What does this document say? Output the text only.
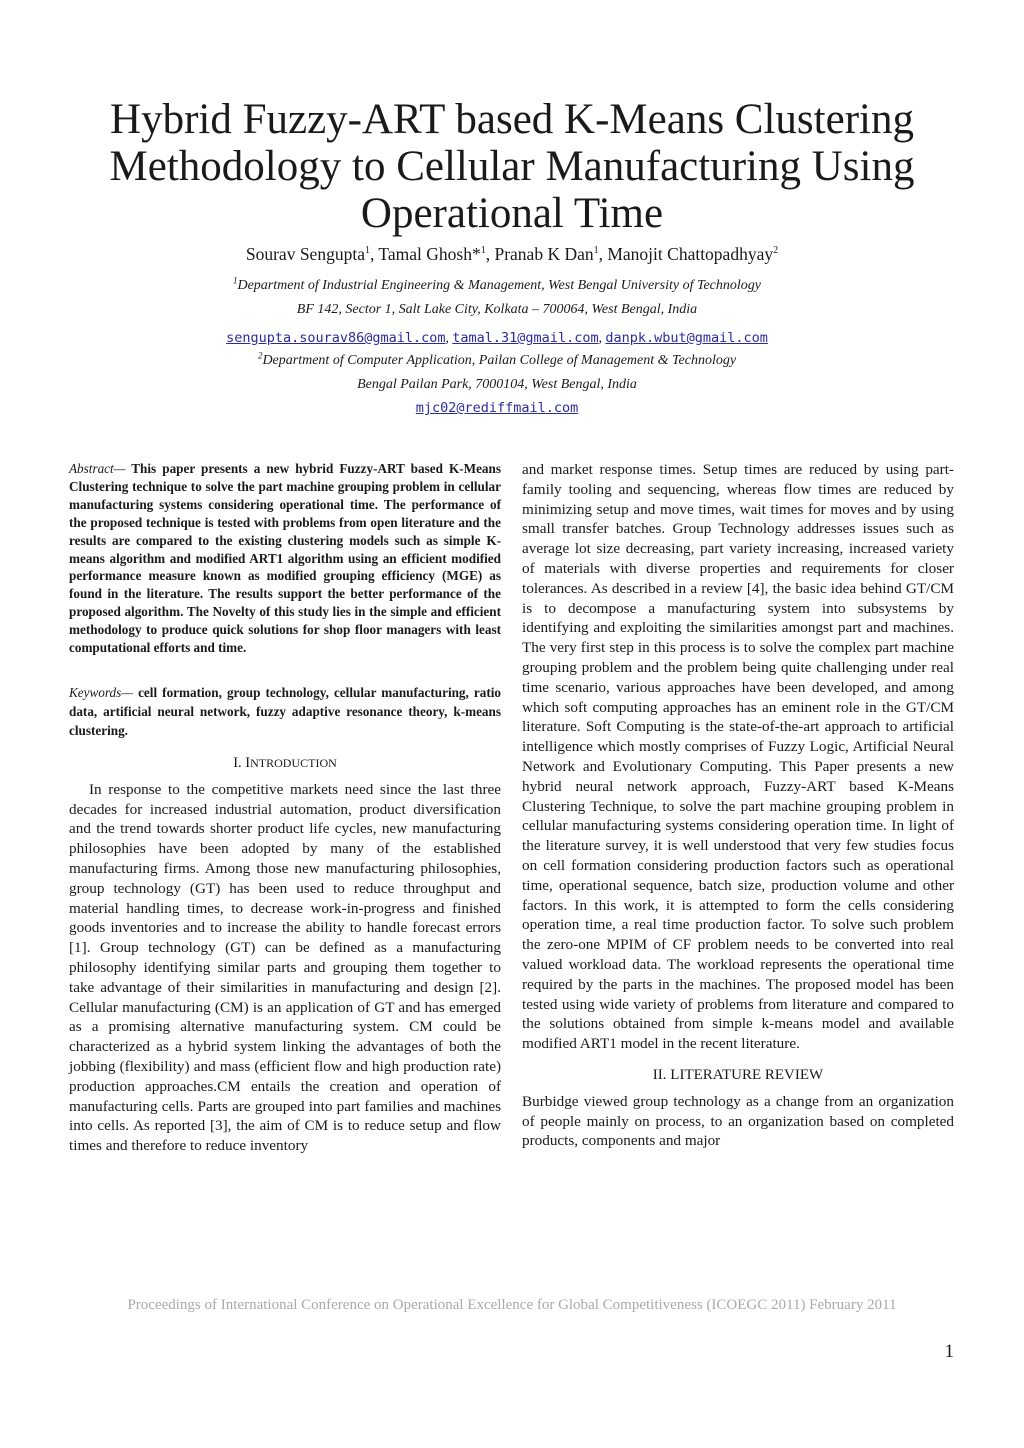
Hybrid Fuzzy-ART based K-Means Clustering Methodology to Cellular Manufacturing Using Operational Time
Sourav Sengupta$^1$, Tamal Ghosh*$^1$, Pranab K Dan$^1$, Manojit Chattopadhyay$^2$
$^1$Department of Industrial Engineering & Management, West Bengal University of Technology
BF 142, Sector 1, Salt Lake City, Kolkata – 700064, West Bengal, India
sengupta.sourav86@gmail.com, tamal.31@gmail.com, danpk.wbut@gmail.com
$^2$Department of Computer Application, Pailan College of Management & Technology
Bengal Pailan Park, 7000104, West Bengal, India
mjc02@rediffmail.com

Abstract— This paper presents a new hybrid Fuzzy-ART based K-Means Clustering technique to solve the part machine grouping problem in cellular manufacturing systems considering operational time. The performance of the proposed technique is tested with problems from open literature and the results are compared to the existing clustering models such as simple K-means algorithm and modified ART1 algorithm using an efficient modified performance measure known as modified grouping efficiency (MGE) as found in the literature. The results support the better performance of the proposed algorithm. The Novelty of this study lies in the simple and efficient methodology to produce quick solutions for shop floor managers with least computational efforts and time.

Keywords— cell formation, group technology, cellular manufacturing, ratio data, artificial neural network, fuzzy adaptive resonance theory, k-means clustering.

I. INTRODUCTION

In response to the competitive markets need since the last three decades for increased industrial automation, product diversification and the trend towards shorter product life cycles, new manufacturing philosophies have been adopted by many of the established manufacturing firms. Among those new manufacturing philosophies, group technology (GT) has been used to reduce throughput and material handling times, to decrease work-in-progress and finished goods inventories and to increase the ability to handle forecast errors [1]. Group technology (GT) can be defined as a manufacturing philosophy identifying similar parts and grouping them together to take advantage of their similarities in manufacturing and design [2]. Cellular manufacturing (CM) is an application of GT and has emerged as a promising alternative manufacturing system. CM could be characterized as a hybrid system linking the advantages of both the jobbing (flexibility) and mass (efficient flow and high production rate) production approaches.CM entails the creation and operation of manufacturing cells. Parts are grouped into part families and machines into cells. As reported [3], the aim of CM is to reduce setup and flow times and therefore to reduce inventory

and market response times. Setup times are reduced by using part-family tooling and sequencing, whereas flow times are reduced by minimizing setup and move times, wait times for moves and by using small transfer batches. Group Technology addresses issues such as average lot size decreasing, part variety increasing, increased variety of materials with diverse properties and requirements for closer tolerances. As described in a review [4], the basic idea behind GT/CM is to decompose a manufacturing system into subsystems by identifying and exploiting the similarities amongst part and machines. The very first step in this process is to solve the complex part machine grouping problem and the problem being quite challenging under real time scenario, various approaches have been developed, and among which soft computing approaches has an eminent role in the GT/CM literature. Soft Computing is the state-of-the-art approach to artificial intelligence which mostly comprises of Fuzzy Logic, Artificial Neural Network and Evolutionary Computing. This Paper presents a new hybrid neural network approach, Fuzzy-ART based K-Means Clustering Technique, to solve the part machine grouping problem in cellular manufacturing systems considering operation time. In light of the literature survey, it is well understood that very few studies focus on cell formation considering production factors such as operational time, operational sequence, batch size, production volume and other factors. In this work, it is attempted to form the cells considering operation time, a real time production factor. To solve such problem the zero-one MPIM of CF problem needs to be converted into real valued workload data. The workload represents the operational time required by the parts in the machines. The proposed model has been tested using wide variety of problems from literature and compared to the solutions obtained from simple k-means model and available modified ART1 model in the recent literature.

II. LITERATURE REVIEW

Burbidge viewed group technology as a change from an organization of people mainly on process, to an organization based on completed products, components and major

Proceedings of International Conference on Operational Excellence for Global Competitiveness (ICOEGC 2011) February 2011
1
